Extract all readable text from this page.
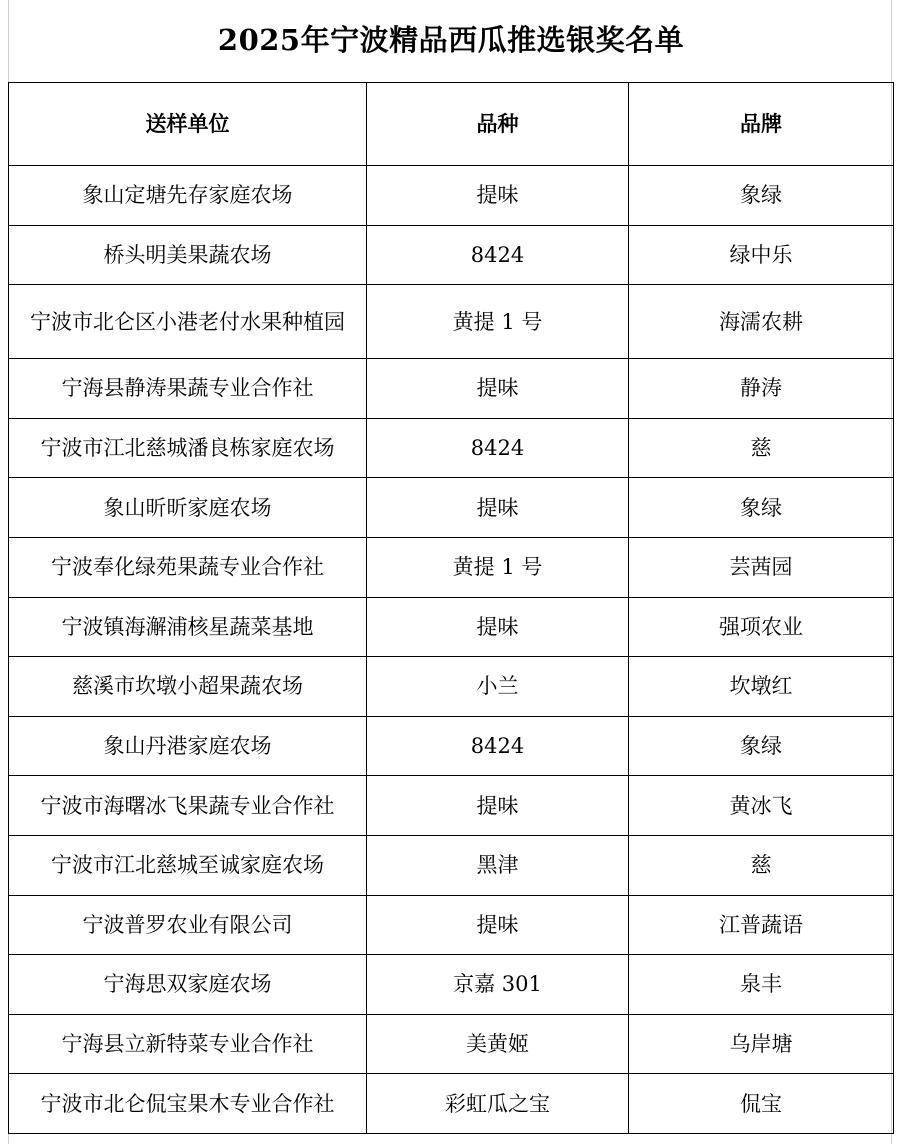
2025年宁波精品西瓜推选银奖名单
送样单位	品种	品牌
象山定塘先存家庭农场	提味	象绿
桥头明美果蔬农场	8424	绿中乐
宁波市北仑区小港老付水果种植园	黄提 1 号	海濡农耕
宁海县静涛果蔬专业合作社	提味	静涛
宁波市江北慈城潘良栋家庭农场	8424	慈
象山昕昕家庭农场	提味	象绿
宁波奉化绿苑果蔬专业合作社	黄提 1 号	芸茜园
宁波镇海澥浦核星蔬菜基地	提味	强项农业
慈溪市坎墩小超果蔬农场	小兰	坎墩红
象山丹港家庭农场	8424	象绿
宁波市海曙冰飞果蔬专业合作社	提味	黄冰飞
宁波市江北慈城至诚家庭农场	黑津	慈
宁波普罗农业有限公司	提味	江普蔬语
宁海思双家庭农场	京嘉 301	泉丰
宁海县立新特菜专业合作社	美黄姬	乌岸塘
宁波市北仑侃宝果木专业合作社	彩虹瓜之宝	侃宝
